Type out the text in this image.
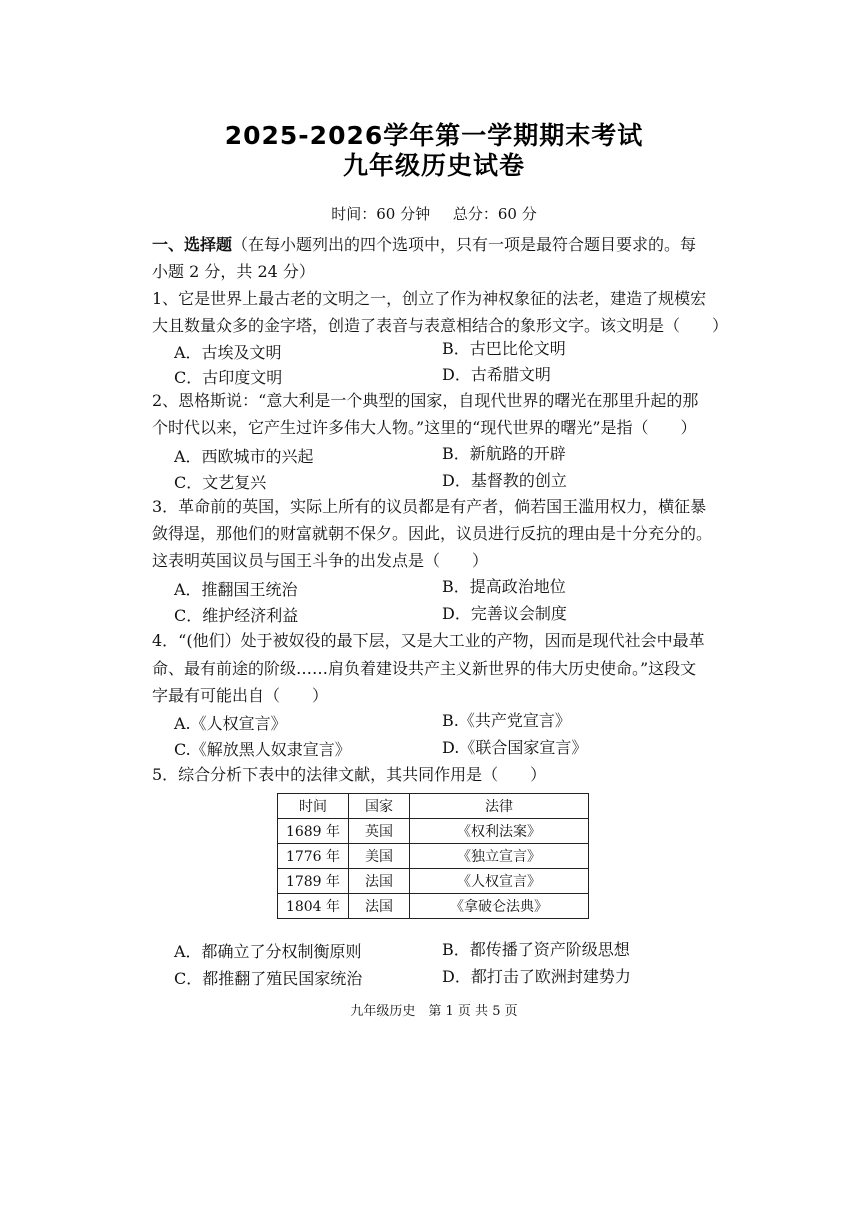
2025-2026学年第一学期期末考试
九年级历史试卷
时间：60 分钟 总分：60 分
一、选择题（在每小题列出的四个选项中，只有一项是最符合题目要求的。每
小题 2 分，共 24 分）
1、它是世界上最古老的文明之一，创立了作为神权象征的法老，建造了规模宏
大且数量众多的金字塔，创造了表音与表意相结合的象形文字。该文明是（　　）
A．古埃及文明	B．古巴比伦文明
C．古印度文明	D．古希腊文明
2、恩格斯说：“意大利是一个典型的国家，自现代世界的曙光在那里升起的那
个时代以来，它产生过许多伟大人物。”这里的“现代世界的曙光”是指（　　）
A．西欧城市的兴起	B．新航路的开辟
C．文艺复兴	D．基督教的创立
3．革命前的英国，实际上所有的议员都是有产者，倘若国王滥用权力，横征暴
敛得逞，那他们的财富就朝不保夕。因此，议员进行反抗的理由是十分充分的。
这表明英国议员与国王斗争的出发点是（　　）
A．推翻国王统治	B．提高政治地位
C．维护经济利益	D．完善议会制度
4．“(他们）处于被奴役的最下层，又是大工业的产物，因而是现代社会中最革
命、最有前途的阶级……肩负着建设共产主义新世界的伟大历史使命。”这段文
字最有可能出自（　　）
A.《人权宣言》	B.《共产党宣言》
C.《解放黑人奴隶宣言》	D.《联合国家宣言》
5．综合分析下表中的法律文献，其共同作用是（　　）
时间	国家	法律
1689 年	英国	《权利法案》
1776 年	美国	《独立宣言》
1789 年	法国	《人权宣言》
1804 年	法国	《拿破仑法典》
A．都确立了分权制衡原则	B．都传播了资产阶级思想
C．都推翻了殖民国家统治	D．都打击了欧洲封建势力
九年级历史　第 1 页 共 5 页
